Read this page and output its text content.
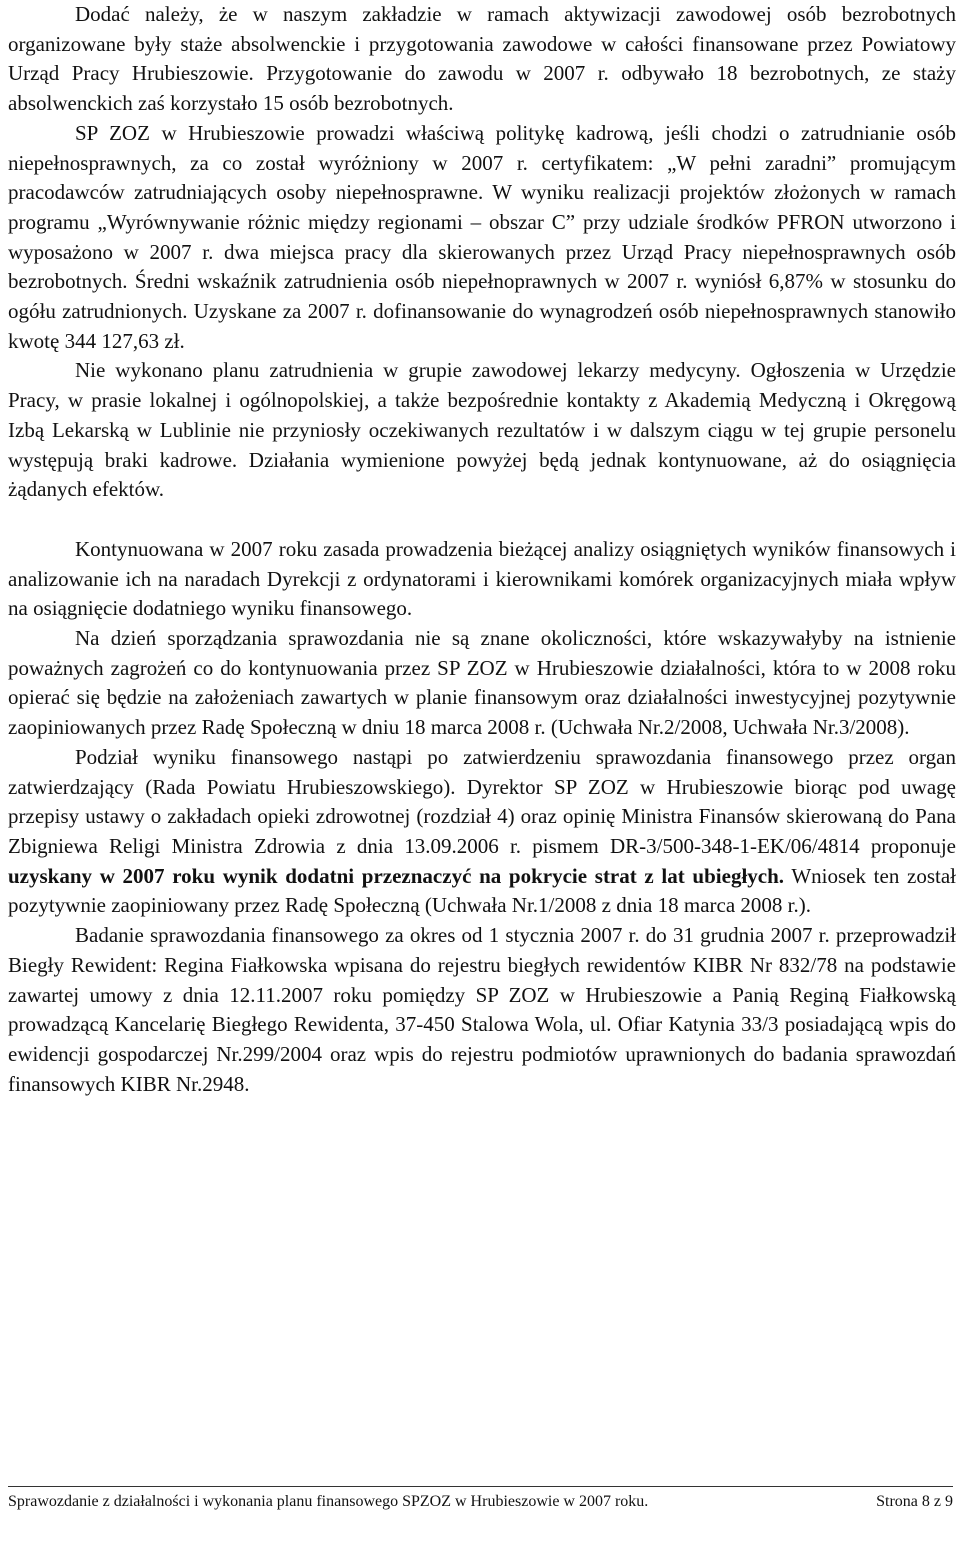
Dodać należy, że w naszym zakładzie w ramach aktywizacji zawodowej osób bezrobotnych organizowane były staże absolwenckie i przygotowania zawodowe w całości finansowane przez Powiatowy Urząd Pracy Hrubieszowie. Przygotowanie do zawodu w 2007 r. odbywało 18 bezrobotnych, ze staży absolwenckich zaś korzystało 15 osób bezrobotnych.

SP ZOZ w Hrubieszowie prowadzi właściwą politykę kadrową, jeśli chodzi o zatrudnianie osób niepełnosprawnych, za co został wyróżniony w 2007 r. certyfikatem: „W pełni zaradni” promującym pracodawców zatrudniających osoby niepełnosprawne. W wyniku realizacji projektów złożonych w ramach programu „Wyrównywanie różnic między regionami – obszar C” przy udziale środków PFRON utworzono i wyposażono w 2007 r. dwa miejsca pracy dla skierowanych przez Urząd Pracy niepełnosprawnych osób bezrobotnych. Średni wskaźnik zatrudnienia osób niepełnoprawnych w 2007 r. wyniósł 6,87% w stosunku do ogółu zatrudnionych. Uzyskane za 2007 r. dofinansowanie do wynagrodzeń osób niepełnosprawnych stanowiło kwotę 344 127,63 zł.

Nie wykonano planu zatrudnienia w grupie zawodowej lekarzy medycyny. Ogłoszenia w Urzędzie Pracy, w prasie lokalnej i ogólnopolskiej, a także bezpośrednie kontakty z Akademią Medyczną i Okręgową Izbą Lekarską w Lublinie nie przyniosły oczekiwanych rezultatów i w dalszym ciągu w tej grupie personelu występują braki kadrowe. Działania wymienione powyżej będą jednak kontynuowane, aż do osiągnięcia żądanych efektów.

Kontynuowana w 2007 roku zasada prowadzenia bieżącej analizy osiągniętych wyników finansowych i analizowanie ich na naradach Dyrekcji z ordynatorami i kierownikami komórek organizacyjnych miała wpływ na osiągnięcie dodatniego wyniku finansowego.

Na dzień sporządzania sprawozdania nie są znane okoliczności, które wskazywałyby na istnienie poważnych zagrożeń co do kontynuowania przez SP ZOZ w Hrubieszowie działalności, która to w 2008 roku opierać się będzie na założeniach zawartych w planie finansowym oraz działalności inwestycyjnej pozytywnie zaopiniowanych przez Radę Społeczną w dniu 18 marca 2008 r. (Uchwała Nr.2/2008, Uchwała Nr.3/2008).

Podział wyniku finansowego nastąpi po zatwierdzeniu sprawozdania finansowego przez organ zatwierdzający (Rada Powiatu Hrubieszowskiego). Dyrektor SP ZOZ w Hrubieszowie biorąc pod uwagę przepisy ustawy o zakładach opieki zdrowotnej (rozdział 4) oraz opinię Ministra Finansów skierowaną do Pana Zbigniewa Religi Ministra Zdrowia z dnia 13.09.2006 r. pismem DR-3/500-348-1-EK/06/4814 proponuje uzyskany w 2007 roku wynik dodatni przeznaczyć na pokrycie strat z lat ubiegłych. Wniosek ten został pozytywnie zaopiniowany przez Radę Społeczną (Uchwała Nr.1/2008 z dnia 18 marca 2008 r.).

Badanie sprawozdania finansowego za okres od 1 stycznia 2007 r. do 31 grudnia 2007 r. przeprowadził Biegły Rewident: Regina Fiałkowska wpisana do rejestru biegłych rewidentów KIBR Nr 832/78 na podstawie zawartej umowy z dnia 12.11.2007 roku pomiędzy SP ZOZ w Hrubieszowie a Panią Reginą Fiałkowską prowadzącą Kancelarię Biegłego Rewidenta, 37-450 Stalowa Wola, ul. Ofiar Katynia 33/3 posiadającą wpis do ewidencji gospodarczej Nr.299/2004 oraz wpis do rejestru podmiotów uprawnionych do badania sprawozdań finansowych KIBR Nr.2948.

Sprawozdanie z działalności i wykonania planu finansowego SPZOZ w Hrubieszowie w 2007 roku.	Strona 8 z 9
